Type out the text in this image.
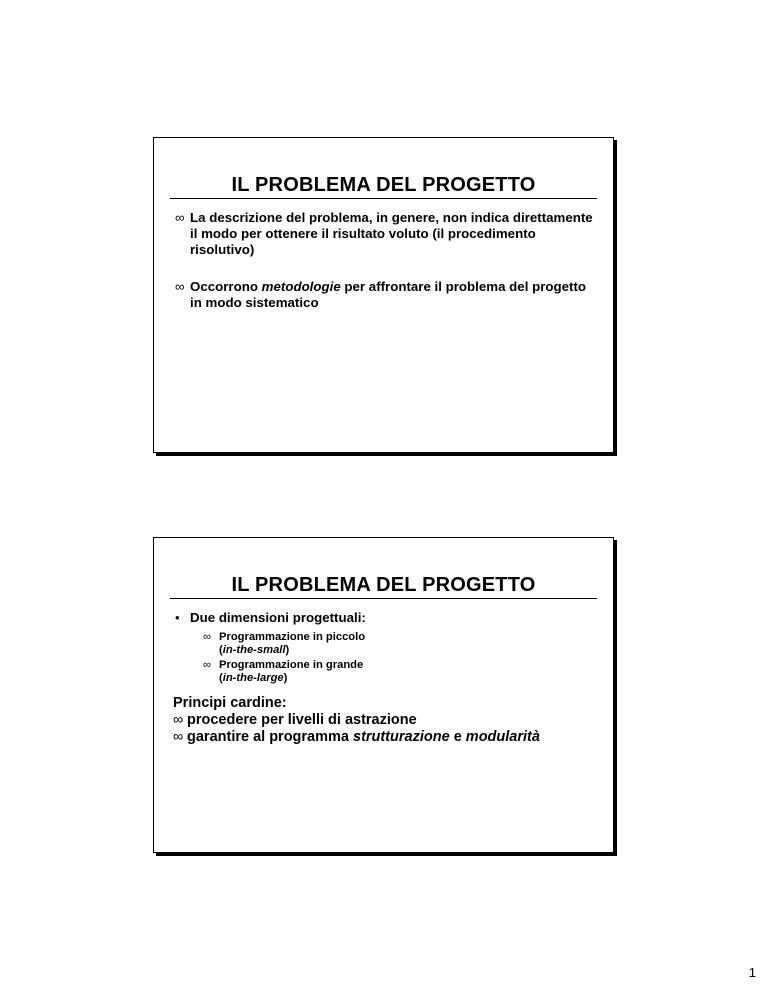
IL PROBLEMA DEL PROGETTO

∞ La descrizione del problema, in genere, non indica direttamente il modo per ottenere il risultato voluto (il procedimento risolutivo)

∞ Occorrono metodologie per affrontare il problema del progetto in modo sistematico

IL PROBLEMA DEL PROGETTO

• Due dimensioni progettuali:

∞ Programmazione in piccolo
(in-the-small)
∞ Programmazione in grande
(in-the-large)
Principi cardine:
∞ procedere per livelli di astrazione
∞ garantire al programma strutturazione e modularità
1
